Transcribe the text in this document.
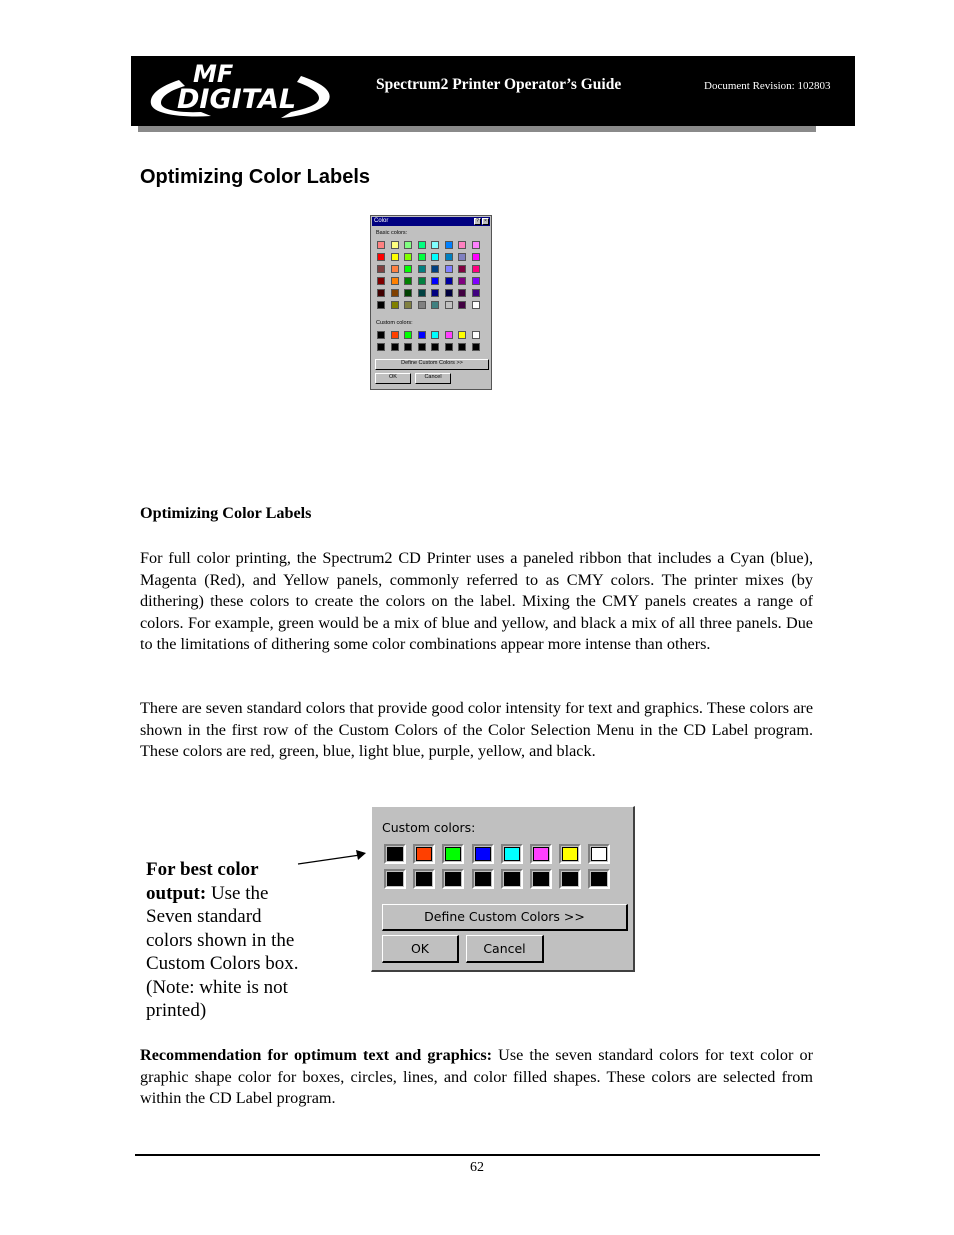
MF
DIGITAL	Spectrum2 Printer Operator’s Guide	Document Revision: 102803
Optimizing Color Labels
Color	?	×
Basic colors:
Custom colors:
Define Custom Colors >>
OK	Cancel
Optimizing Color Labels
For full color printing, the Spectrum2 CD Printer uses a paneled ribbon that includes a Cyan (blue), Magenta (Red), and Yellow panels, commonly referred to as CMY colors. The printer mixes (by dithering) these colors to create the colors on the label. Mixing the CMY panels creates a range of colors. For example, green would be a mix of blue and yellow, and black a mix of all three panels. Due to the limitations of dithering some color combinations appear more intense than others.
There are seven standard colors that provide good color intensity for text and graphics. These colors are shown in the first row of the Custom Colors of the Color Selection Menu in the CD Label program. These colors are red, green, blue, light blue, purple, yellow, and black.
Custom colors:
Define Custom Colors >>
OK	Cancel
For best color output: Use the Seven standard colors shown in the Custom Colors box. (Note: white is not printed)
Recommendation for optimum text and graphics: Use the seven standard colors for text color or graphic shape color for boxes, circles, lines, and color filled shapes. These colors are selected from within the CD Label program.
62
